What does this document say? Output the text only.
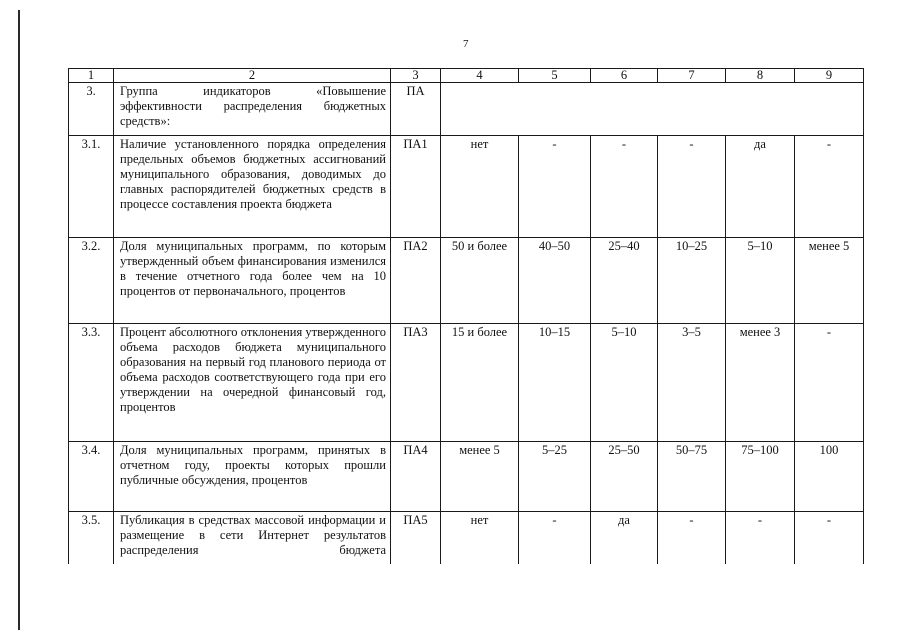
7
1	2	3	4	5	6	7	8	9
3.	Группа индикаторов «Повышение эффективности распределения бюджетных средств»:	ПА						
3.1.	Наличие установленного порядка определения предельных объемов бюджетных ассигнований муниципального образования, доводимых до главных распорядителей бюджетных средств в процессе составления проекта бюджета	ПА1	нет	-	-	-	да	-
3.2.	Доля муниципальных программ, по которым утвержденный объем финансирования изменился в течение отчетного года более чем на 10 процентов от первоначального, процентов	ПА2	50 и более	40–50	25–40	10–25	5–10	менее 5
3.3.	Процент абсолютного отклонения утвержденного объема расходов бюджета муниципального образования на первый год планового периода от объема расходов соответствующего года при его утверждении на очередной финансовый год, процентов	ПА3	15 и более	10–15	5–10	3–5	менее 3	-
3.4.	Доля муниципальных программ, принятых в отчетном году, проекты которых прошли публичные обсуждения, процентов	ПА4	менее 5	5–25	25–50	50–75	75–100	100
3.5.	Публикация в средствах массовой информации и размещение в сети Интернет результатов распределения бюджета	ПА5	нет	-	да	-	-	-
